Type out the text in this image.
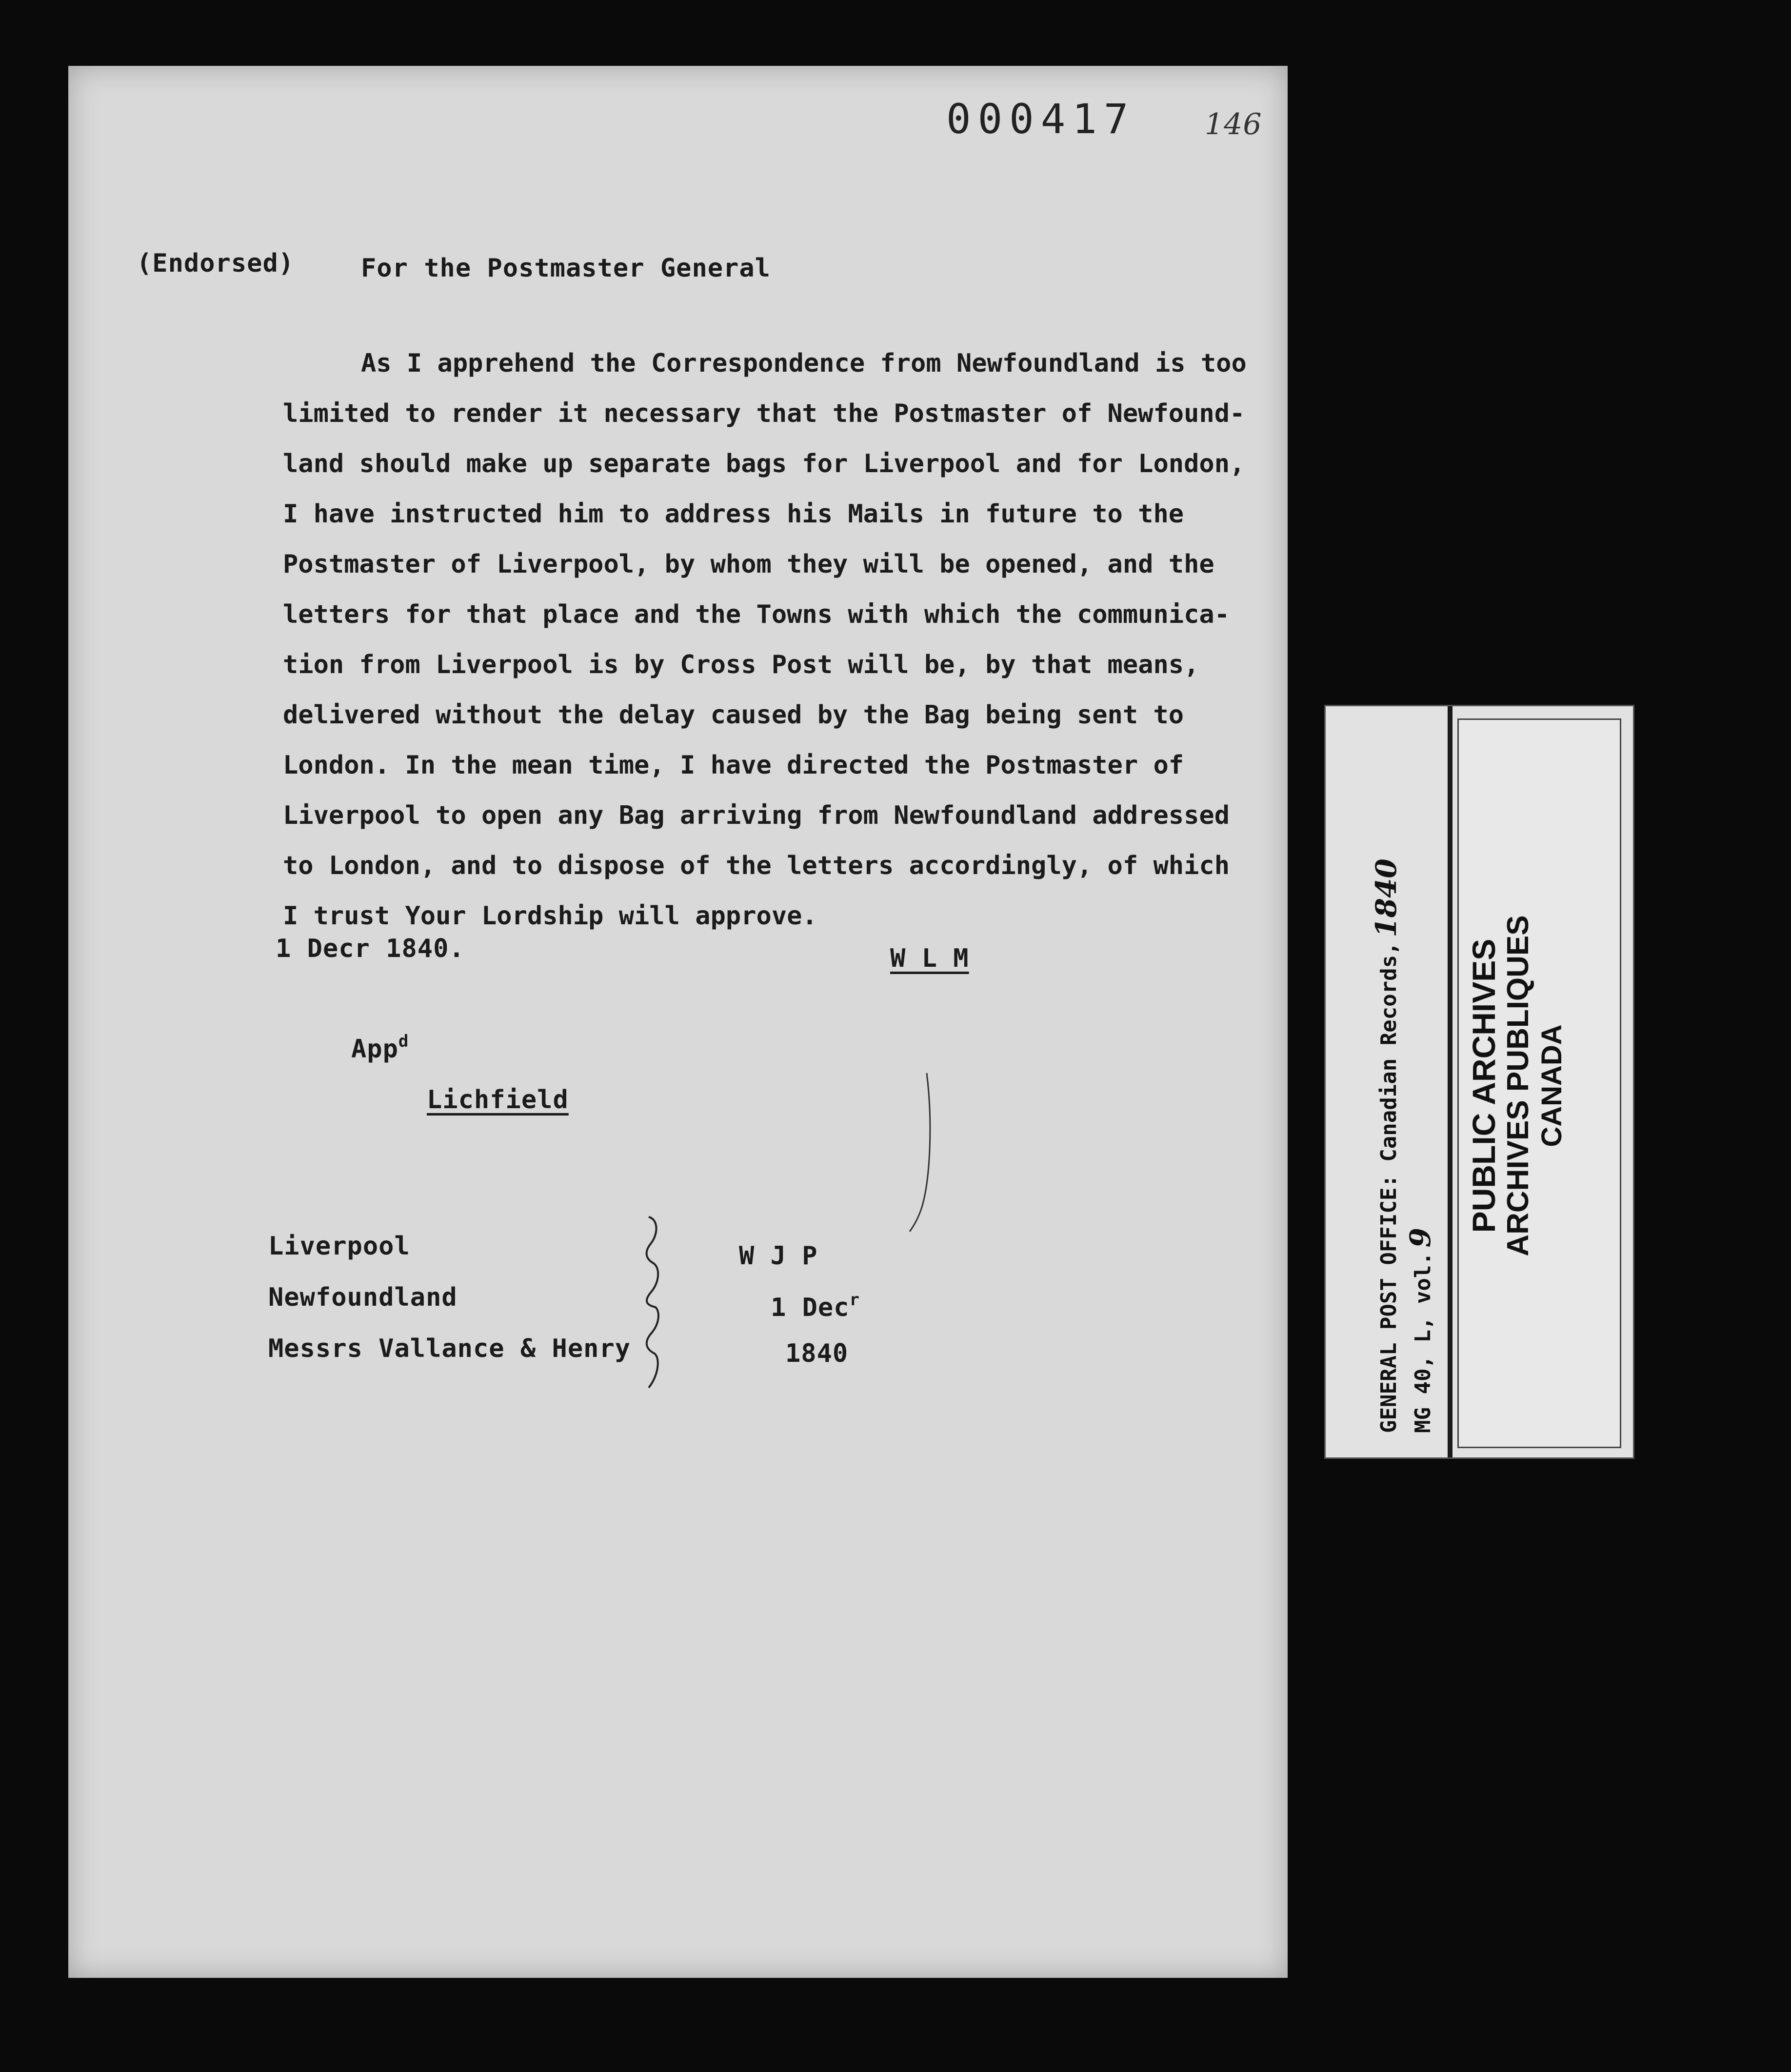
000417 146
(Endorsed)	For the Postmaster General
As I apprehend the Correspondence from Newfoundland is too
limited to render it necessary that the Postmaster of Newfound-
land should make up separate bags for Liverpool and for London,
I have instructed him to address his Mails in future to the
Postmaster of Liverpool, by whom they will be opened, and the
letters for that place and the Towns with which the communica-
tion from Liverpool is by Cross Post will be, by that means,
delivered without the delay caused by the Bag being sent to
London. In the mean time, I have directed the Postmaster of
Liverpool to open any Bag arriving from Newfoundland addressed
to London, and to dispose of the letters accordingly, of which
I trust Your Lordship will approve.
1 Decr 1840.	W L M
App$^d$
Lichfield
Liverpool
Newfoundland
Messrs Vallance & Henry
W J P
1 Dec$^r$
1840	GENERAL POST OFFICE: Canadian Records, 1840
MG 40, L, vol. 9
PUBLIC ARCHIVES ARCHIVES PUBLIQUES CANADA
